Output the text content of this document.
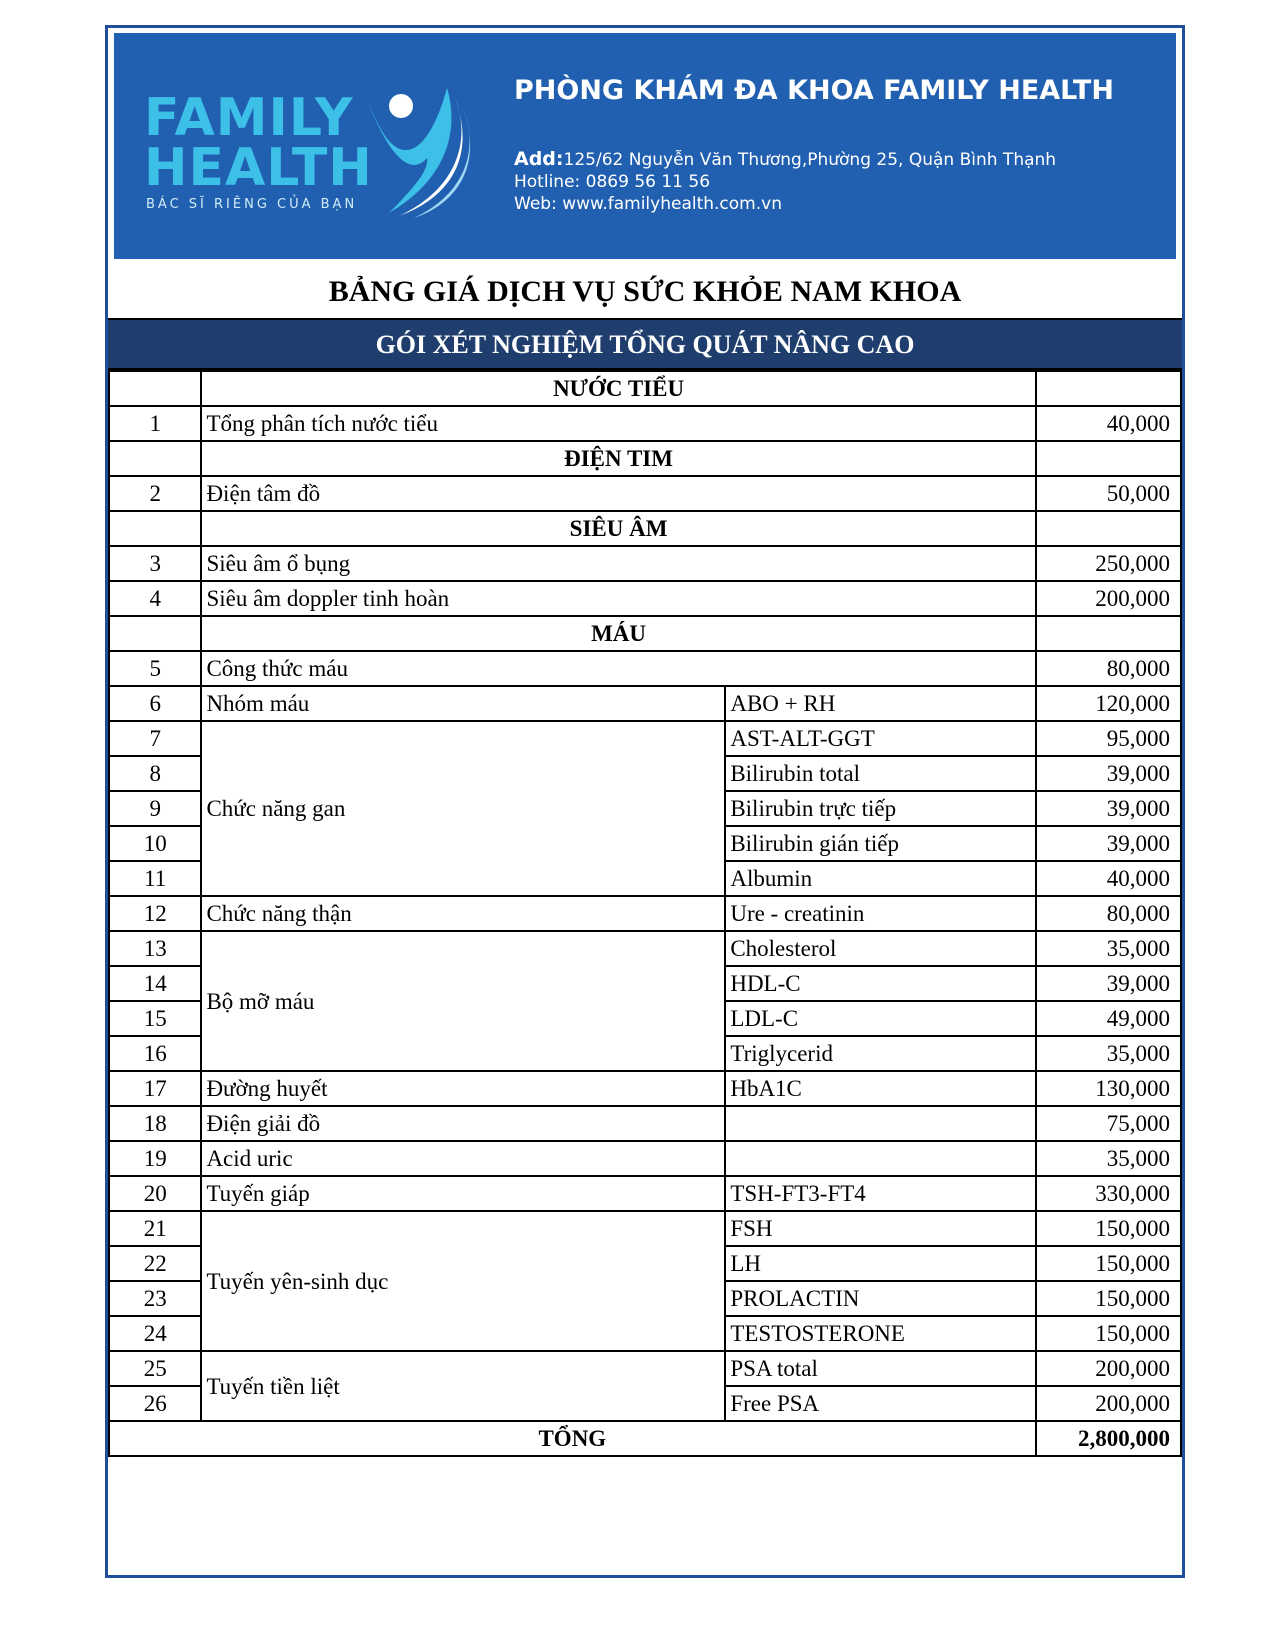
FAMILY
HEALTH
BÁC SĨ RIÊNG CỦA BẠN
PHÒNG KHÁM ĐA KHOA FAMILY HEALTH
Add:125/62 Nguyễn Văn Thương,Phường 25, Quận Bình Thạnh
Hotline: 0869 56 11 56
Web: www.familyhealth.com.vn
BẢNG GIÁ DỊCH VỤ SỨC KHỎE NAM KHOA
GÓI XÉT NGHIỆM TỔNG QUÁT NÂNG CAO
	NƯỚC TIỂU		
1	Tổng phân tích nước tiểu		40,000
	ĐIỆN TIM		
2	Điện tâm đồ		50,000
	SIÊU ÂM		
3	Siêu âm ổ bụng		250,000
4	Siêu âm doppler tinh hoàn		200,000
	MÁU		
5	Công thức máu		80,000
6	Nhóm máu	ABO + RH	120,000
7	Chức năng gan	AST-ALT-GGT	95,000
8		Bilirubin total	39,000
9		Bilirubin trực tiếp	39,000
10		Bilirubin gián tiếp	39,000
11		Albumin	40,000
12	Chức năng thận	Ure - creatinin	80,000
13	Bộ mỡ máu	Cholesterol	35,000
14		HDL-C	39,000
15		LDL-C	49,000
16		Triglycerid	35,000
17	Đường huyết	HbA1C	130,000
18	Điện giải đồ		75,000
19	Acid uric		35,000
20	Tuyến giáp	TSH-FT3-FT4	330,000
21	Tuyến yên-sinh dục	FSH	150,000
22		LH	150,000
23		PROLACTIN	150,000
24		TESTOSTERONE	150,000
25	Tuyến tiền liệt	PSA total	200,000
26		Free PSA	200,000
TỔNG			2,800,000
